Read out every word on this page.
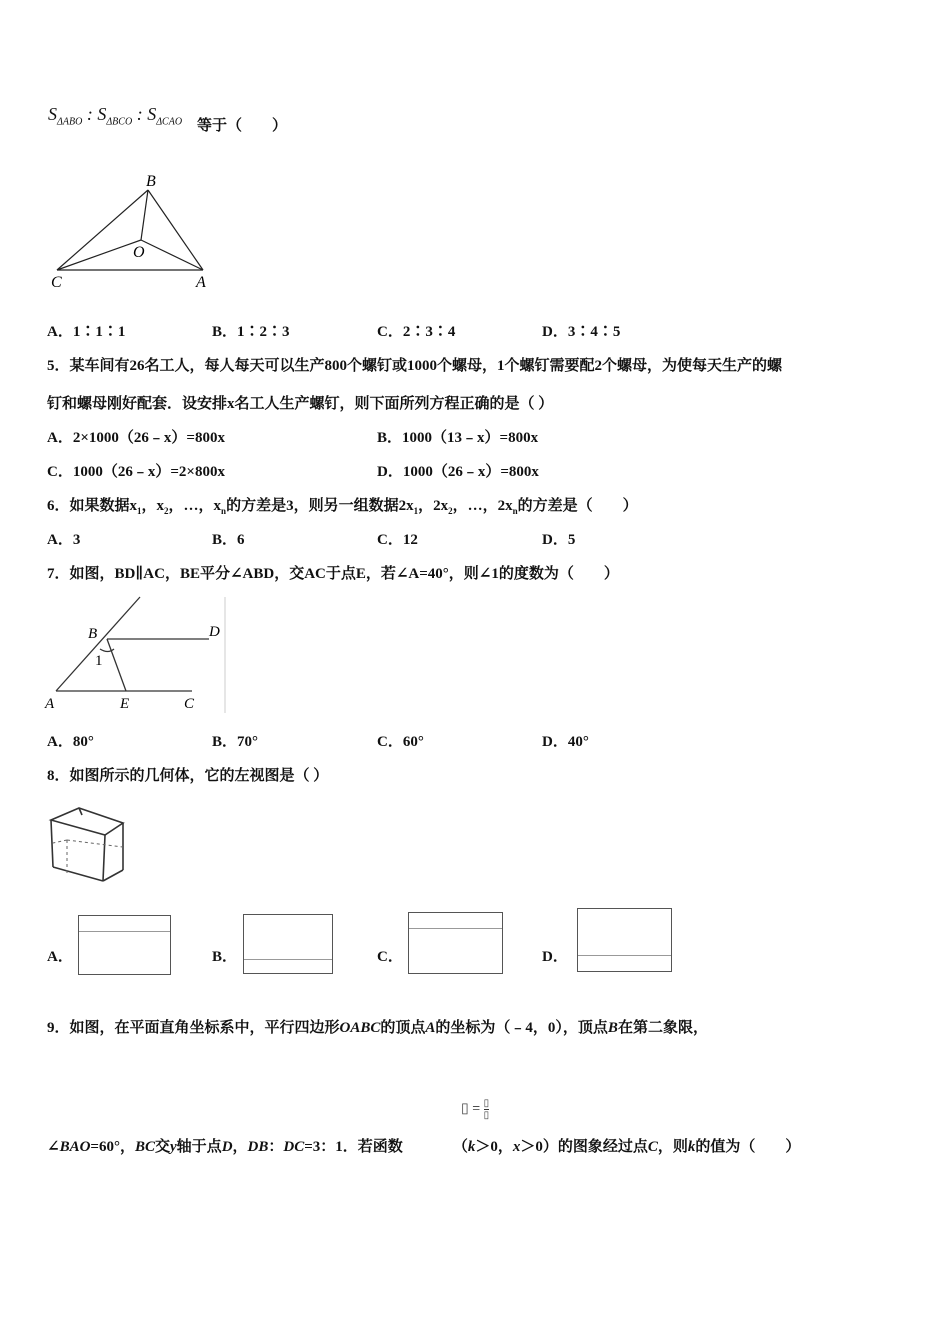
$S_{\Delta ABO}$ : $S_{\Delta BCO}$ : $S_{\Delta CAO}$ 等于（　　）
B
O
C	A
A．1∶1∶1	B．1∶2∶3	C．2∶3∶4	D．3∶4∶5
5．某车间有26名工人，每人每天可以生产800个螺钉或1000个螺母，1个螺钉需要配2个螺母，为使每天生产的螺
钉和螺母刚好配套．设安排x名工人生产螺钉，则下面所列方程正确的是（ ）
A．2×1000（26﹣x）=800x	B．1000（13﹣x）=800x
C．1000（26﹣x）=2×800x	D．1000（26﹣x）=800x
6．如果数据$x_1$，$x_2$，…，$x_n$的方差是3，则另一组数据$2x_1$，$2x_2$，…，$2x_n$的方差是（　　）
A．3	B．6	C．12	D．5
7．如图，BD∥AC，BE平分∠ABD，交AC于点E，若∠A=40°，则∠1的度数为（　　）
B	D
1
A	E	C
A．80°	B．70°	C．60°	D．40°
8．如图所示的几何体，它的左视图是（ ）
A．	B．	C．	D．
9．如图，在平面直角坐标系中，平行四边形OABC的顶点A的坐标为（﹣4，0），顶点B在第二象限，
▯ = ▯
▯
∠BAO=60°，BC交y轴于点D，DB：DC=3：1．若函数　　	（k＞0，x＞0）的图象经过点C，则k的值为（　　）
